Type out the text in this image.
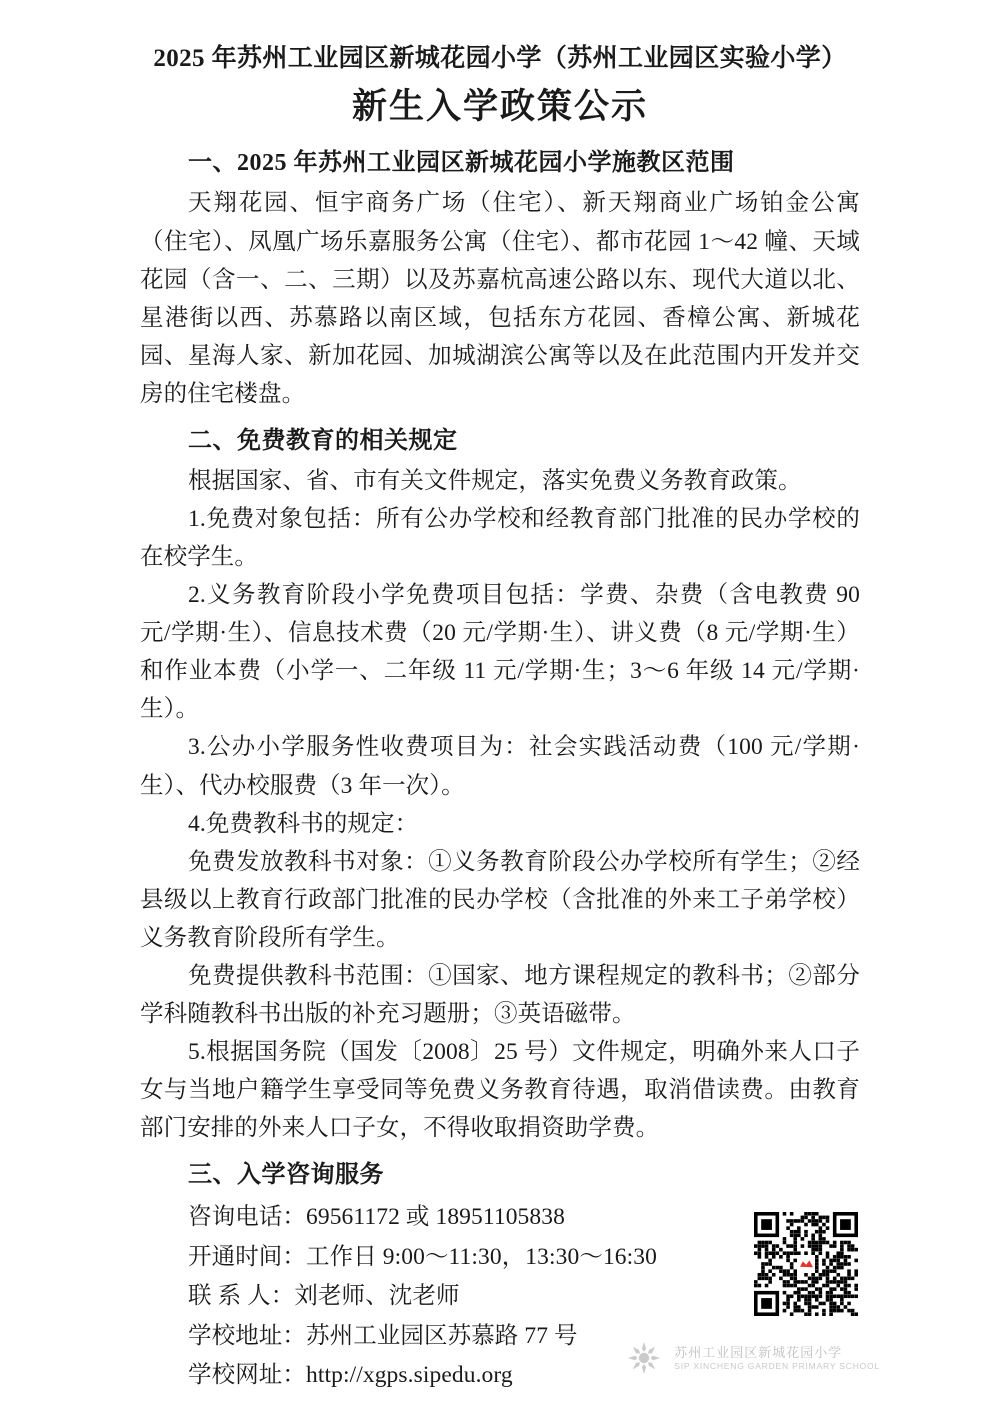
2025 年苏州工业园区新城花园小学（苏州工业园区实验小学）
新生入学政策公示
一、2025 年苏州工业园区新城花园小学施教区范围

天翔花园、恒宇商务广场（住宅）、新天翔商业广场铂金公寓（住宅）、凤凰广场乐嘉服务公寓（住宅）、都市花园 1～42 幢、天域花园（含一、二、三期）以及苏嘉杭高速公路以东、现代大道以北、星港街以西、苏慕路以南区域，包括东方花园、香樟公寓、新城花园、星海人家、新加花园、加城湖滨公寓等以及在此范围内开发并交房的住宅楼盘。

二、免费教育的相关规定

根据国家、省、市有关文件规定，落实免费义务教育政策。

1.免费对象包括：所有公办学校和经教育部门批准的民办学校的在校学生。

2.义务教育阶段小学免费项目包括：学费、杂费（含电教费 90 元/学期·生）、信息技术费（20 元/学期·生）、讲义费（8 元/学期·生）和作业本费（小学一、二年级 11 元/学期·生；3～6 年级 14 元/学期·生）。

3.公办小学服务性收费项目为：社会实践活动费（100 元/学期·生）、代办校服费（3 年一次）。

4.免费教科书的规定：

免费发放教科书对象：①义务教育阶段公办学校所有学生；②经县级以上教育行政部门批准的民办学校（含批准的外来工子弟学校）义务教育阶段所有学生。

免费提供教科书范围：①国家、地方课程规定的教科书；②部分学科随教科书出版的补充习题册；③英语磁带。

5.根据国务院（国发〔2008〕25 号）文件规定，明确外来人口子女与当地户籍学生享受同等免费义务教育待遇，取消借读费。由教育部门安排的外来人口子女，不得收取捐资助学费。

三、入学咨询服务
咨询电话：69561172 或 18951105838
开通时间：工作日 9:00～11:30，13:30～16:30
联 系 人：刘老师、沈老师
学校地址：苏州工业园区苏慕路 77 号
学校网址：http://xgps.sipedu.org
苏州工业园区新城花园小学
SIP XINCHENG GARDEN PRIMARY SCHOOL
